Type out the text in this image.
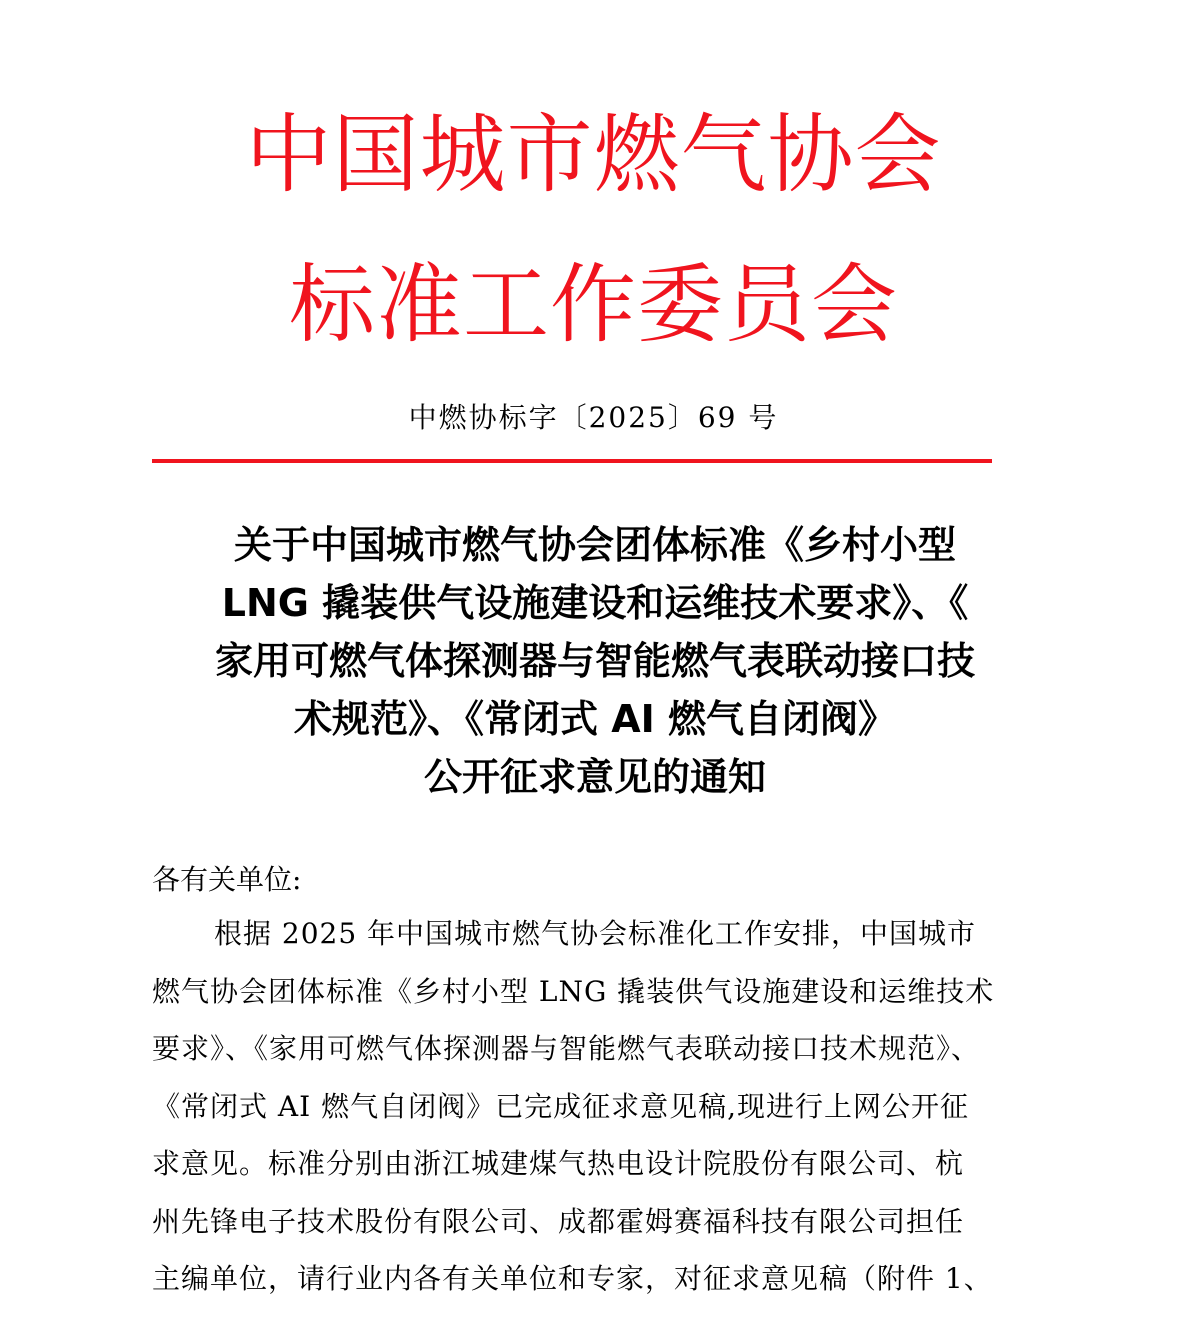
中国城市燃气协会
标准工作委员会
中燃协标字〔2025〕69 号
关于中国城市燃气协会团体标准《乡村小型
LNG 撬装供气设施建设和运维技术要求》、《
家用可燃气体探测器与智能燃气表联动接口技
术规范》、《常闭式 AI 燃气自闭阀》
公开征求意见的通知
各有关单位:
根据 2025 年中国城市燃气协会标准化工作安排，中国城市
燃气协会团体标准《乡村小型 LNG 撬装供气设施建设和运维技术
要求》、《家用可燃气体探测器与智能燃气表联动接口技术规范》、
《常闭式 AI 燃气自闭阀》已完成征求意见稿,现进行上网公开征
求意见。标准分别由浙江城建煤气热电设计院股份有限公司、杭
州先锋电子技术股份有限公司、成都霍姆赛福科技有限公司担任
主编单位，请行业内各有关单位和专家，对征求意见稿（附件 1、
